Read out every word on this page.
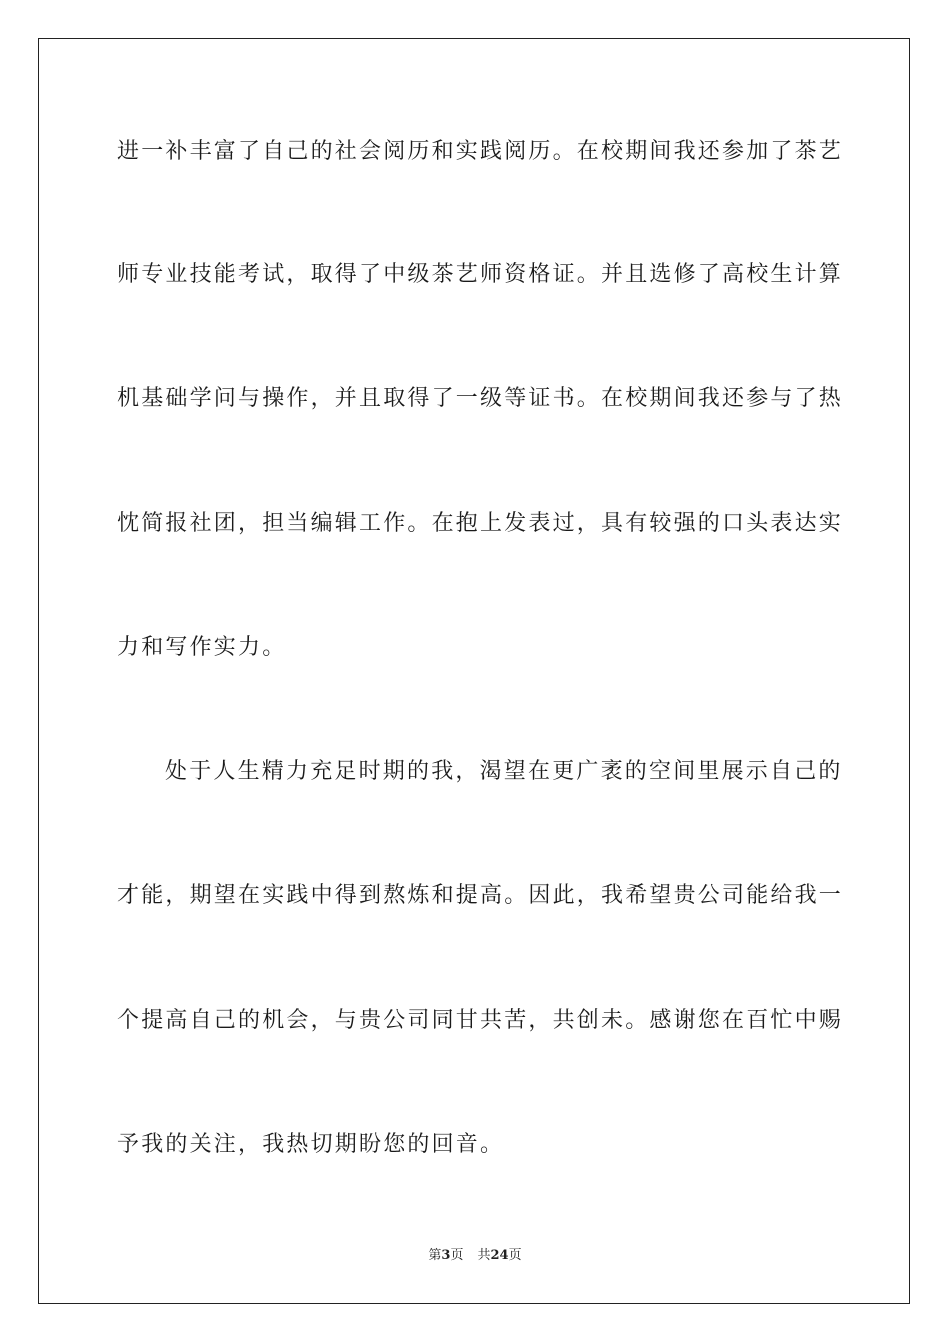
进一补丰富了自己的社会阅历和实践阅历。在校期间我还参加了茶艺
师专业技能考试，取得了中级茶艺师资格证。并且选修了高校生计算
机基础学问与操作，并且取得了一级等证书。在校期间我还参与了热
忱简报社团，担当编辑工作。在抱上发表过，具有较强的口头表达实
力和写作实力。
处于人生精力充足时期的我，渴望在更广袤的空间里展示自己的
才能，期望在实践中得到熬炼和提高。因此，我希望贵公司能给我一
个提高自己的机会，与贵公司同甘共苦，共创未。感谢您在百忙中赐
予我的关注，我热切期盼您的回音。
第3页 共24页
